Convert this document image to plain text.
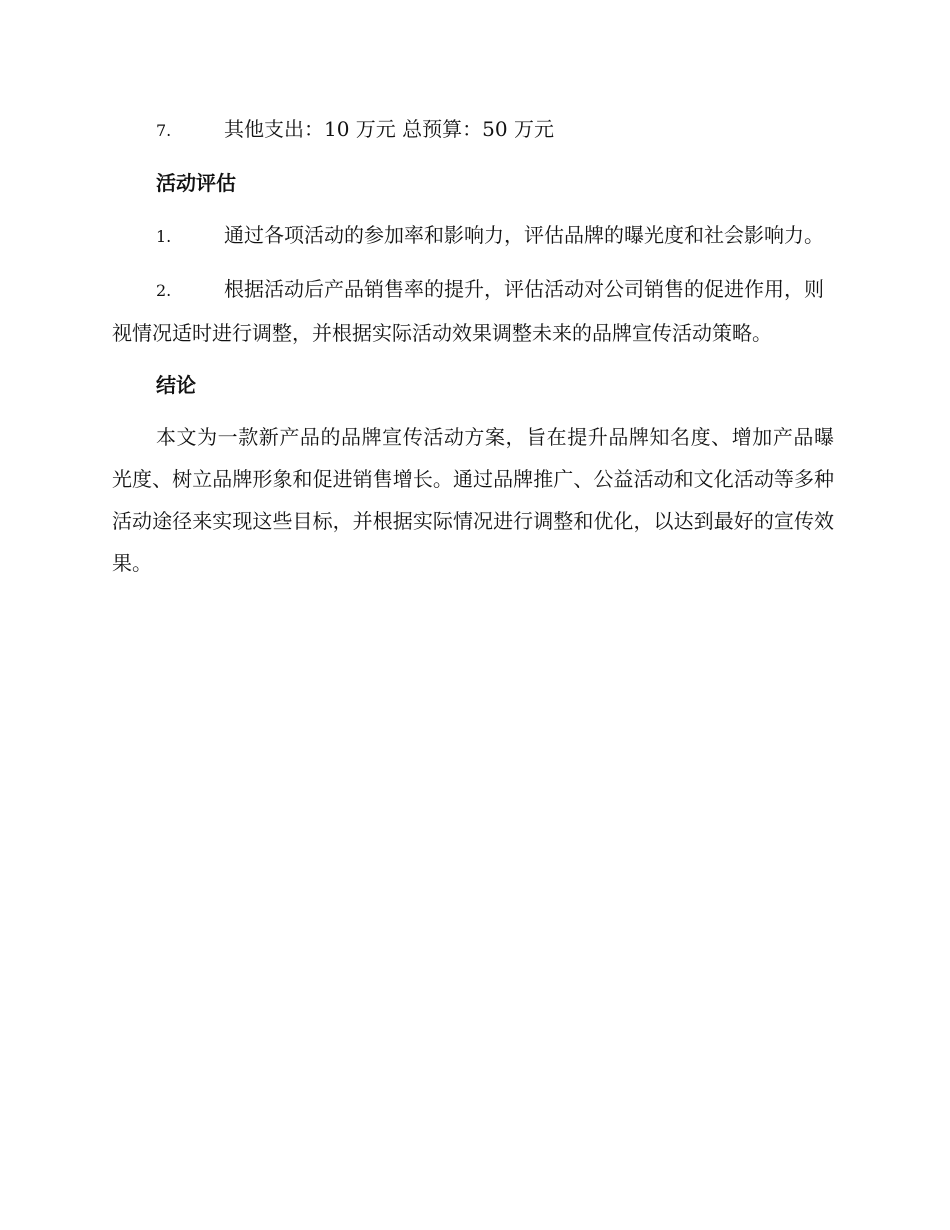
7.	其他支出：10 万元 总预算：50 万元

活动评估

1.	通过各项活动的参加率和影响力，评估品牌的曝光度和社会影响力。

2.	根据活动后产品销售率的提升，评估活动对公司销售的促进作用，则视情况适时进行调整，并根据实际活动效果调整未来的品牌宣传活动策略。

结论

本文为一款新产品的品牌宣传活动方案，旨在提升品牌知名度、增加产品曝光度、树立品牌形象和促进销售增长。通过品牌推广、公益活动和文化活动等多种活动途径来实现这些目标，并根据实际情况进行调整和优化，以达到最好的宣传效果。
